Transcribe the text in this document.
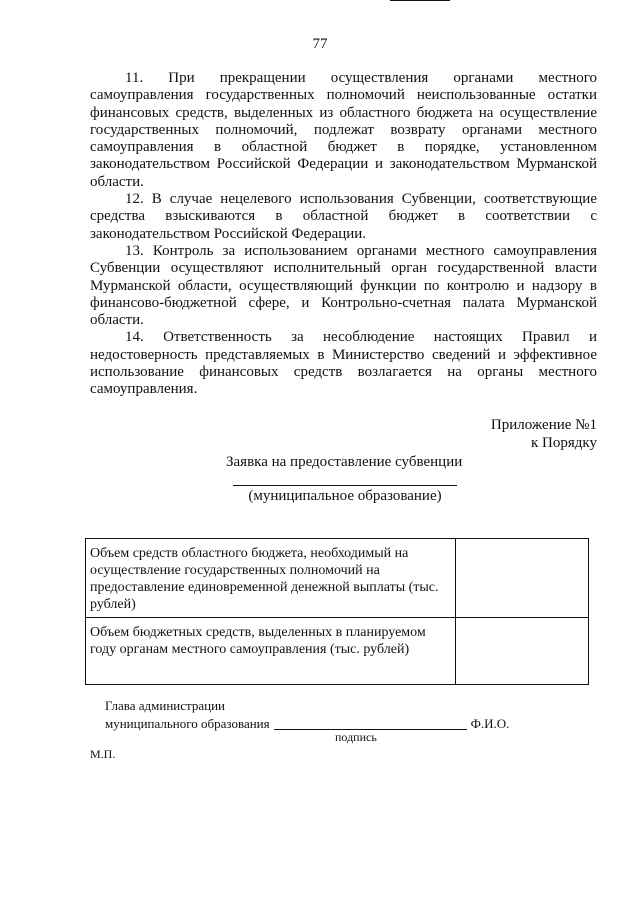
77

11. При прекращении осуществления органами местного самоуправления государственных полномочий неиспользованные остатки финансовых средств, выделенных из областного бюджета на осуществление государственных полномочий, подлежат возврату органами местного самоуправления в областной бюджет в порядке, установленном законодательством Российской Федерации и законодательством Мурманской области.

12. В случае нецелевого использования Субвенции, соответствующие средства взыскиваются в областной бюджет в соответствии с законодательством Российской Федерации.

13. Контроль за использованием органами местного самоуправления Субвенции осуществляют исполнительный орган государственной власти Мурманской области, осуществляющий функции по контролю и надзору в финансово-бюджетной сфере, и Контрольно-счетная палата Мурманской области.

14. Ответственность за несоблюдение настоящих Правил и недостоверность представляемых в Министерство сведений и эффективное использование финансовых средств возлагается на органы местного самоуправления.

Приложение №1
к Порядку
Заявка на предоставление субвенции
(муниципальное образование)
Объем средств областного бюджета, необходимый на осуществление государственных полномочий на предоставление единовременной денежной выплаты (тыс. рублей)	
Объем бюджетных средств, выделенных в планируемом году органам местного самоуправления (тыс. рублей)	
Глава администрации
муниципального образования	Ф.И.О.
подпись
М.П.
